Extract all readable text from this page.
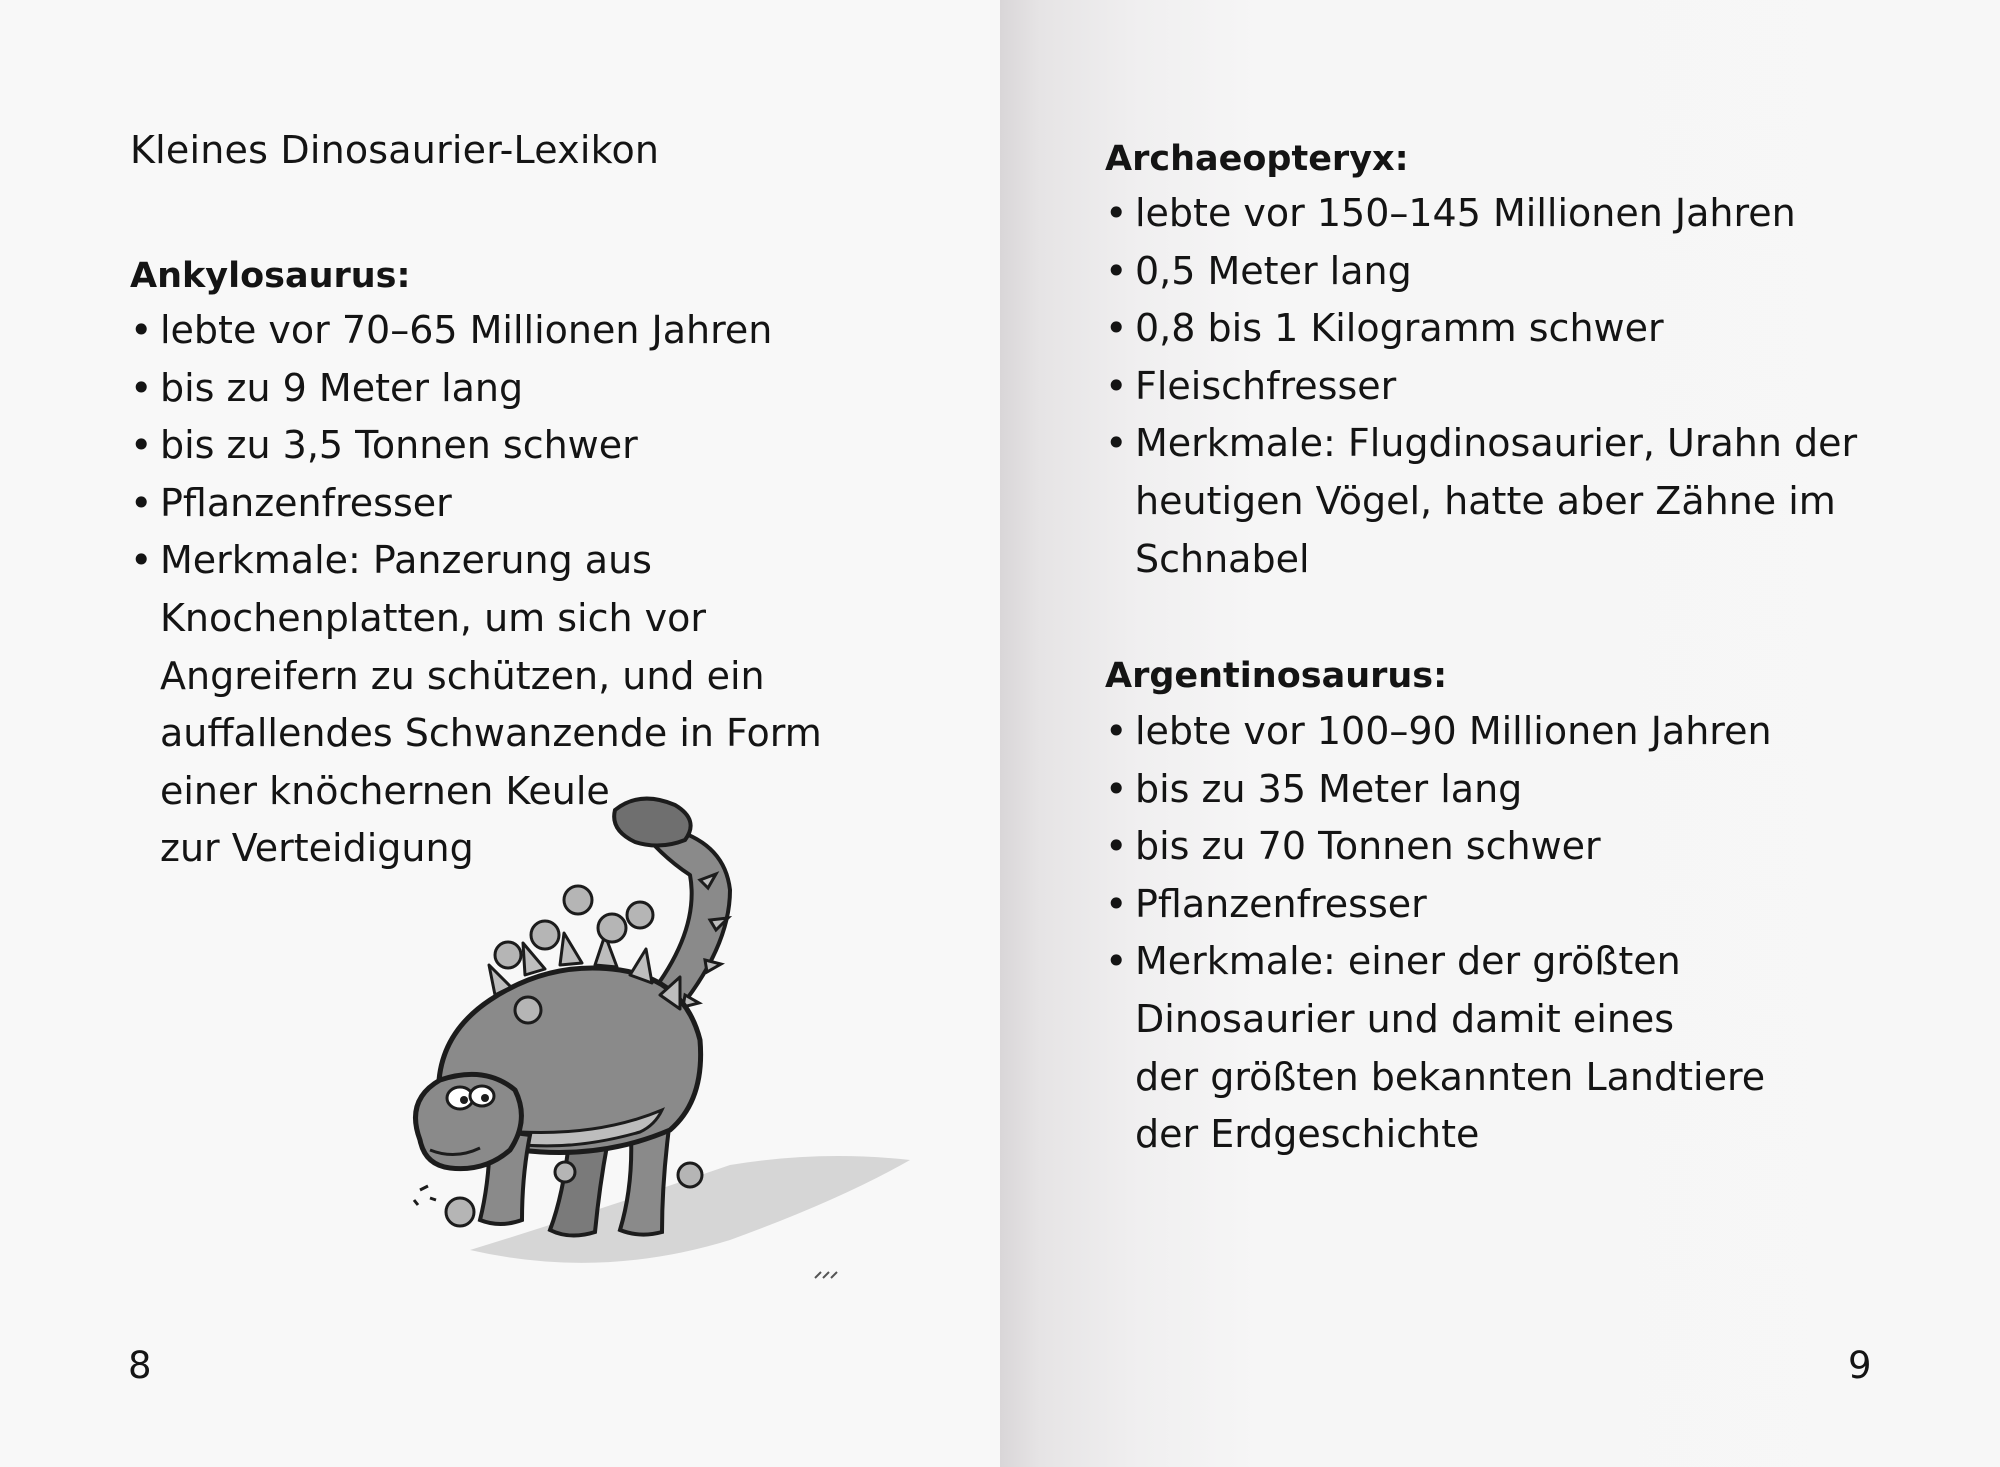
Kleines Dinosaurier-Lexikon
Ankylosaurus:
• lebte vor 70–65 Millionen Jahren
• bis zu 9 Meter lang
• bis zu 3,5 Tonnen schwer
• Pflanzenfresser
• Merkmale: Panzerung aus
Knochenplatten, um sich vor
Angreifern zu schützen, und ein
auffallendes Schwanzende in Form
einer knöchernen Keule
zur Verteidigung

8

Archaeopteryx:
• lebte vor 150–145 Millionen Jahren
• 0,5 Meter lang
• 0,8 bis 1 Kilogramm schwer
• Fleischfresser
• Merkmale: Flugdinosaurier, Urahn der
heutigen Vögel, hatte aber Zähne im
Schnabel
Argentinosaurus:
• lebte vor 100–90 Millionen Jahren
• bis zu 35 Meter lang
• bis zu 70 Tonnen schwer
• Pflanzenfresser
• Merkmale: einer der größten
Dinosaurier und damit eines
der größten bekannten Landtiere
der Erdgeschichte

9
